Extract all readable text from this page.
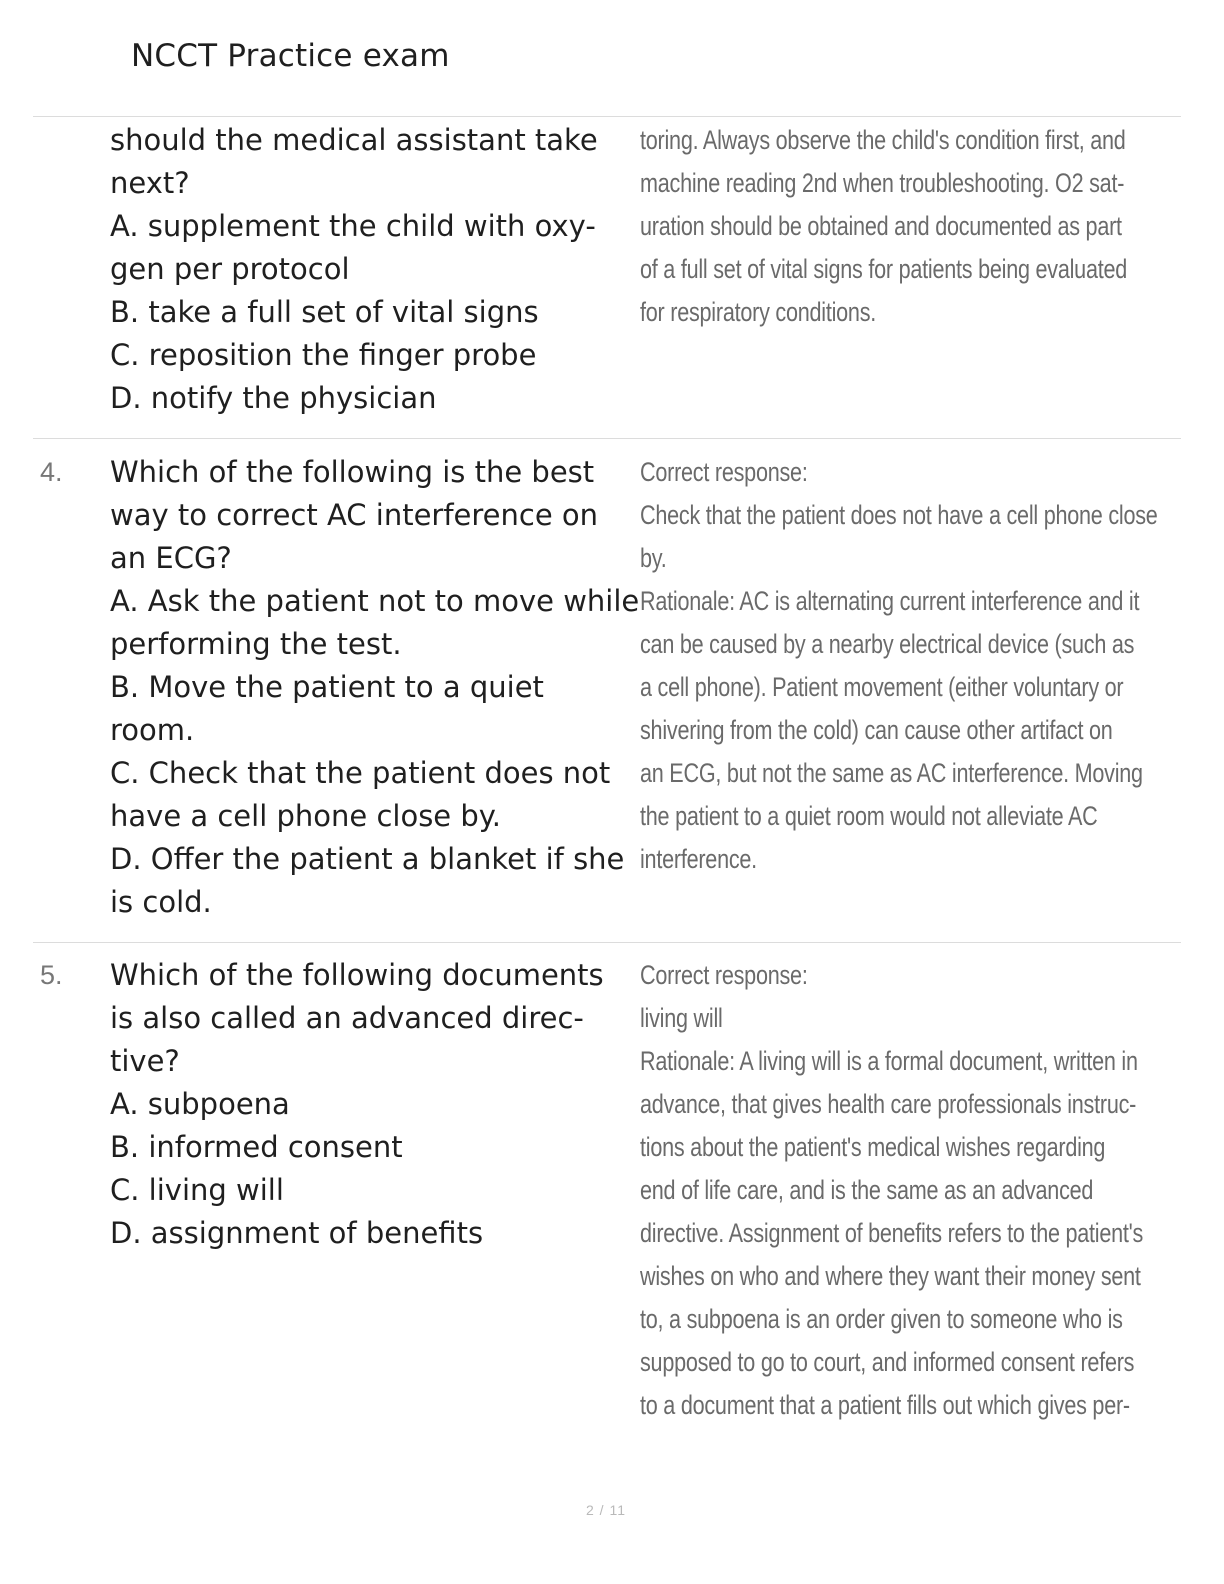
NCCT Practice exam
should the medical assistant take
next?
A. supplement the child with oxy-
gen per protocol
B. take a full set of vital signs
C. reposition the finger probe
D. notify the physician
toring. Always observe the child's condition first, and
machine reading 2nd when troubleshooting. O2 sat-
uration should be obtained and documented as part
of a full set of vital signs for patients being evaluated
for respiratory conditions.
4. Which of the following is the best
way to correct AC interference on
an ECG?
A. Ask the patient not to move while
performing the test.
B. Move the patient to a quiet
room.
C. Check that the patient does not
have a cell phone close by.
D. Offer the patient a blanket if she
is cold.
Correct response:
Check that the patient does not have a cell phone close
by.
Rationale: AC is alternating current interference and it
can be caused by a nearby electrical device (such as
a cell phone). Patient movement (either voluntary or
shivering from the cold) can cause other artifact on
an ECG, but not the same as AC interference. Moving
the patient to a quiet room would not alleviate AC
interference.
5. Which of the following documents
is also called an advanced direc-
tive?
A. subpoena
B. informed consent
C. living will
D. assignment of benefits
Correct response:
living will
Rationale: A living will is a formal document, written in
advance, that gives health care professionals instruc-
tions about the patient's medical wishes regarding
end of life care, and is the same as an advanced
directive. Assignment of benefits refers to the patient's
wishes on who and where they want their money sent
to, a subpoena is an order given to someone who is
supposed to go to court, and informed consent refers
to a document that a patient fills out which gives per-
2 / 11
